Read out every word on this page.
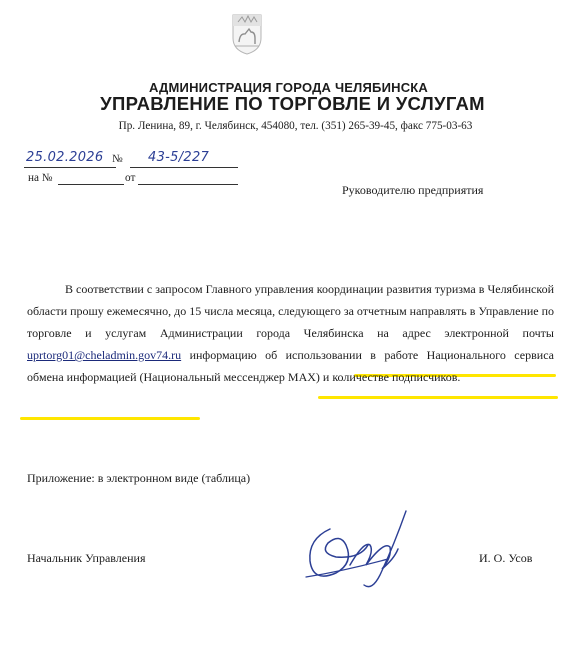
АДМИНИСТРАЦИЯ ГОРОДА ЧЕЛЯБИНСКА
УПРАВЛЕНИЕ ПО ТОРГОВЛЕ И УСЛУГАМ
Пр. Ленина, 89, г. Челябинск, 454080, тел. (351) 265-39-45, факс 775-03-63
25.02.2026 № 43-5/227
на №	от
Руководителю предприятия

В соответствии с запросом Главного управления координации развития туризма в Челябинской области прошу ежемесячно, до 15 числа месяца, следующего за отчетным направлять в Управление по торговле и услугам Администрации города Челябинска на адрес электронной почты uprtorg01@cheladmin.gov74.ru информацию об использовании в работе Национального сервиса обмена информацией (Национальный мессенджер MAX) и количестве подписчиков.

Приложение: в электронном виде (таблица)
Начальник Управления	И. О. Усов
